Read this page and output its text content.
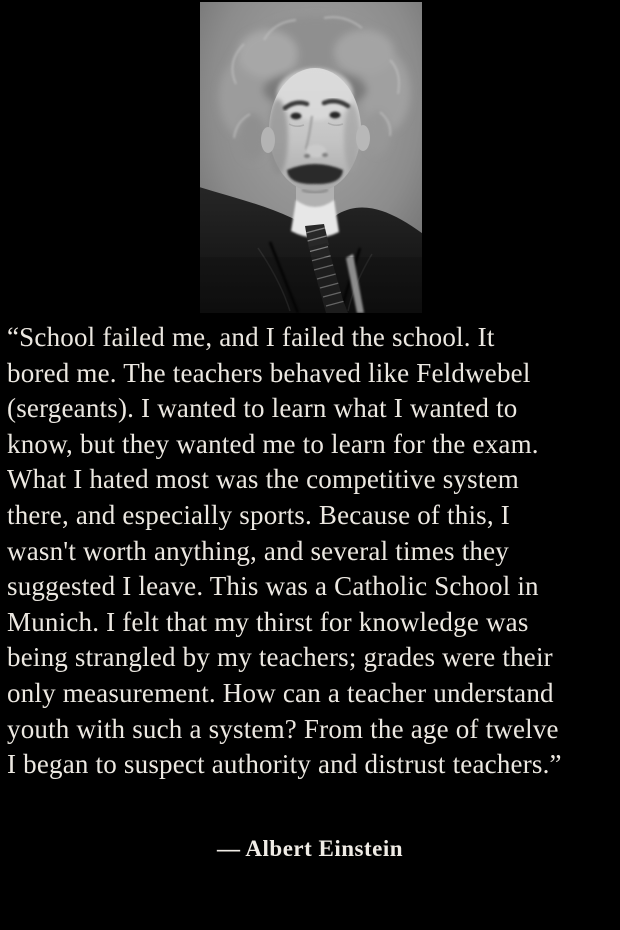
“School failed me, and I failed the school. It
bored me. The teachers behaved like Feldwebel
(sergeants). I wanted to learn what I wanted to
know, but they wanted me to learn for the exam.
What I hated most was the competitive system
there, and especially sports. Because of this, I
wasn't worth anything, and several times they
suggested I leave. This was a Catholic School in
Munich. I felt that my thirst for knowledge was
being strangled by my teachers; grades were their
only measurement. How can a teacher understand
youth with such a system? From the age of twelve
I began to suspect authority and distrust teachers.”
— Albert Einstein
